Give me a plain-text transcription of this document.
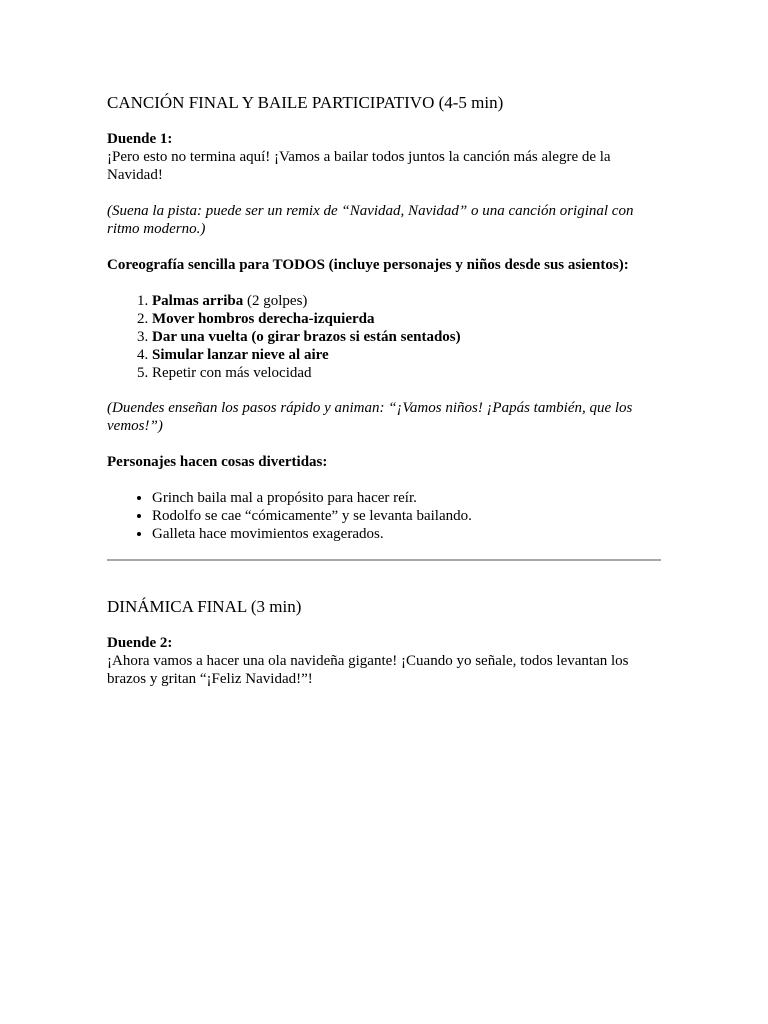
CANCIÓN FINAL Y BAILE PARTICIPATIVO (4-5 min)

Duende 1:

¡Pero esto no termina aquí! ¡Vamos a bailar todos juntos la canción más alegre de la Navidad!

(Suena la pista: puede ser un remix de “Navidad, Navidad” o una canción original con ritmo moderno.)

Coreografía sencilla para TODOS (incluye personajes y niños desde sus asientos):

1. Palmas arriba (2 golpes)
2. Mover hombros derecha-izquierda
3. Dar una vuelta (o girar brazos si están sentados)
4. Simular lanzar nieve al aire
5. Repetir con más velocidad

(Duendes enseñan los pasos rápido y animan: “¡Vamos niños! ¡Papás también, que los vemos!”)

Personajes hacen cosas divertidas:

• Grinch baila mal a propósito para hacer reír.
• Rodolfo se cae “cómicamente” y se levanta bailando.
• Galleta hace movimientos exagerados.
DINÁMICA FINAL (3 min)

Duende 2:

¡Ahora vamos a hacer una ola navideña gigante! ¡Cuando yo señale, todos levantan los brazos y gritan “¡Feliz Navidad!”!
